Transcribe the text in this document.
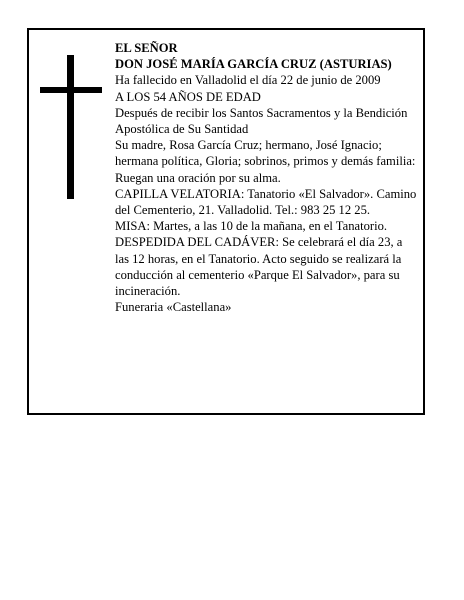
EL SEÑOR

DON JOSÉ MARÍA GARCÍA CRUZ (ASTURIAS)

Ha fallecido en Valladolid el día 22 de junio de 2009

A LOS 54 AÑOS DE EDAD

Después de recibir los Santos Sacramentos y la Bendición Apostólica de Su Santidad

Su madre, Rosa García Cruz; hermano, José Ignacio; hermana política, Gloria; sobrinos, primos y demás familia:

Ruegan una oración por su alma.

CAPILLA VELATORIA: Tanatorio «El Salvador». Camino del Cementerio, 21. Valladolid. Tel.: 983 25 12 25.

MISA: Martes, a las 10 de la mañana, en el Tanatorio.

DESPEDIDA DEL CADÁVER: Se celebrará el día 23, a las 12 horas, en el Tanatorio. Acto seguido se realizará la conducción al cementerio «Parque El Salvador», para su incineración.

Funeraria «Castellana»
